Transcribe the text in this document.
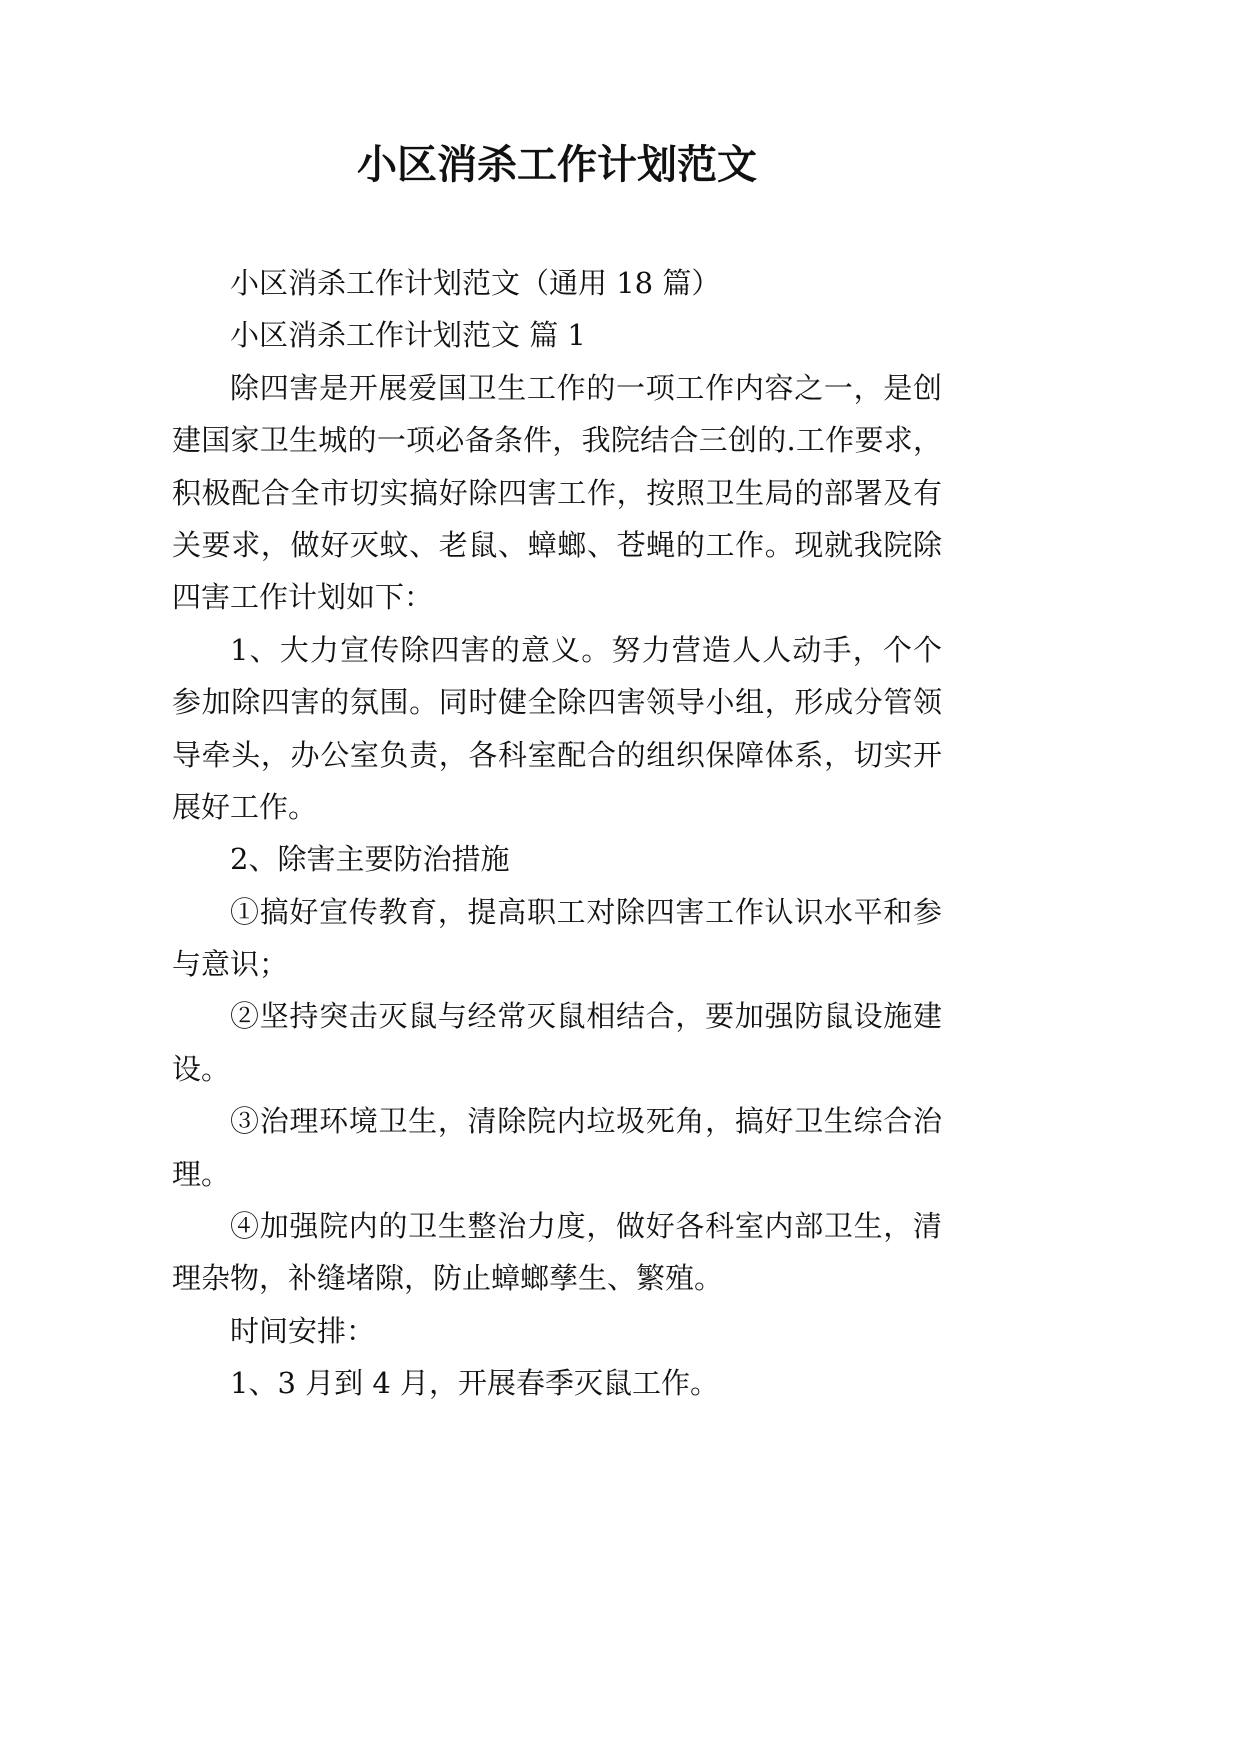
小区消杀工作计划范文
小区消杀工作计划范文（通用 18 篇）
小区消杀工作计划范文 篇 1
除四害是开展爱国卫生工作的一项工作内容之一，是创
建国家卫生城的一项必备条件，我院结合三创的.工作要求，
积极配合全市切实搞好除四害工作，按照卫生局的部署及有
关要求，做好灭蚊、老鼠、蟑螂、苍蝇的工作。现就我院除
四害工作计划如下：
1、大力宣传除四害的意义。努力营造人人动手，个个
参加除四害的氛围。同时健全除四害领导小组，形成分管领
导牵头，办公室负责，各科室配合的组织保障体系，切实开
展好工作。
2、除害主要防治措施
①搞好宣传教育，提高职工对除四害工作认识水平和参
与意识；
②坚持突击灭鼠与经常灭鼠相结合，要加强防鼠设施建
设。
③治理环境卫生，清除院内垃圾死角，搞好卫生综合治
理。
④加强院内的卫生整治力度，做好各科室内部卫生，清
理杂物，补缝堵隙，防止蟑螂孳生、繁殖。
时间安排：
1、3 月到 4 月，开展春季灭鼠工作。
